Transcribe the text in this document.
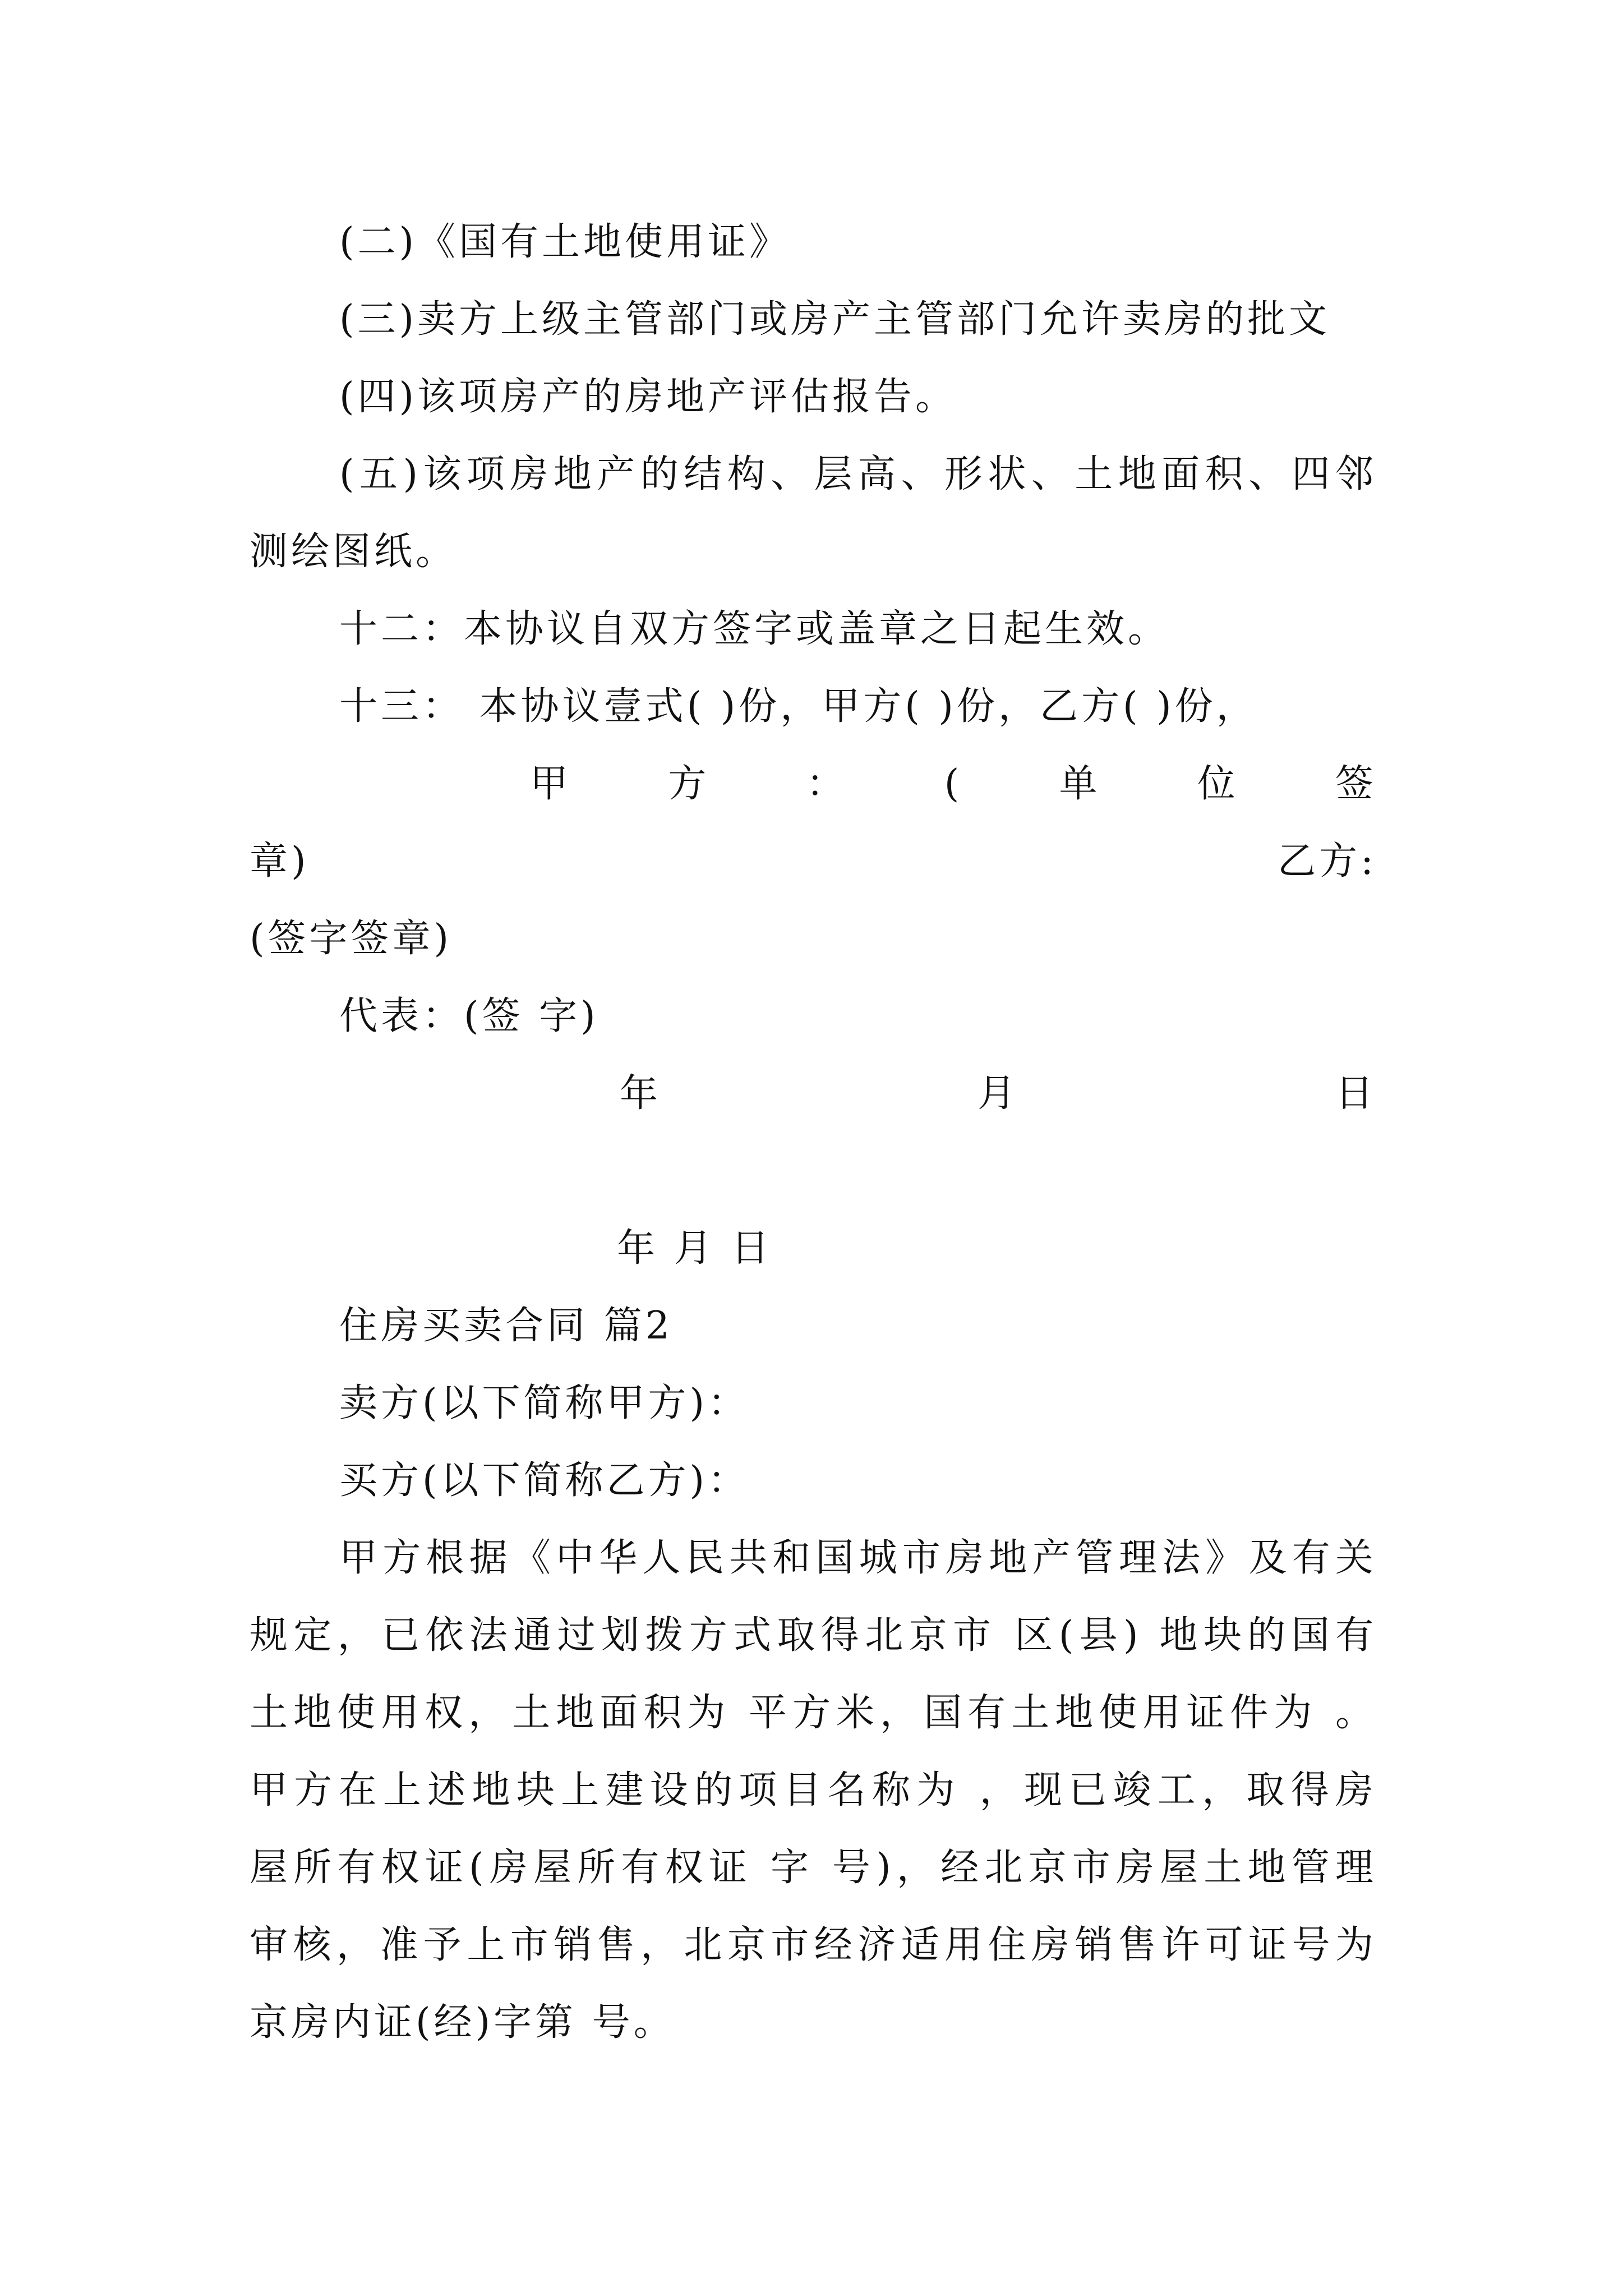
(二)《国有土地使用证》
(三)卖方上级主管部门或房产主管部门允许卖房的批文
(四)该项房产的房地产评估报告。
(五)该项房地产的结构、层高、形状、土地面积、四邻
测绘图纸。
十二：本协议自双方签字或盖章之日起生效。
十三： 本协议壹式( )份，甲方( )份，乙方( )份，
甲	方	：	(	单	位	签
章)	乙方:
(签字签章)
代表：(签 字)
年	月	日
年 月 日
住房买卖合同 篇2
卖方(以下简称甲方)：
买方(以下简称乙方)：
甲方根据《中华人民共和国城市房地产管理法》及有关
规定，已依法通过划拨方式取得北京市 区(县) 地块的国有
土地使用权，土地面积为 平方米，国有土地使用证件为 。
甲方在上述地块上建设的项目名称为 ，现已竣工，取得房
屋所有权证(房屋所有权证 字 号)，经北京市房屋土地管理
审核，准予上市销售，北京市经济适用住房销售许可证号为
京房内证(经)字第 号。
